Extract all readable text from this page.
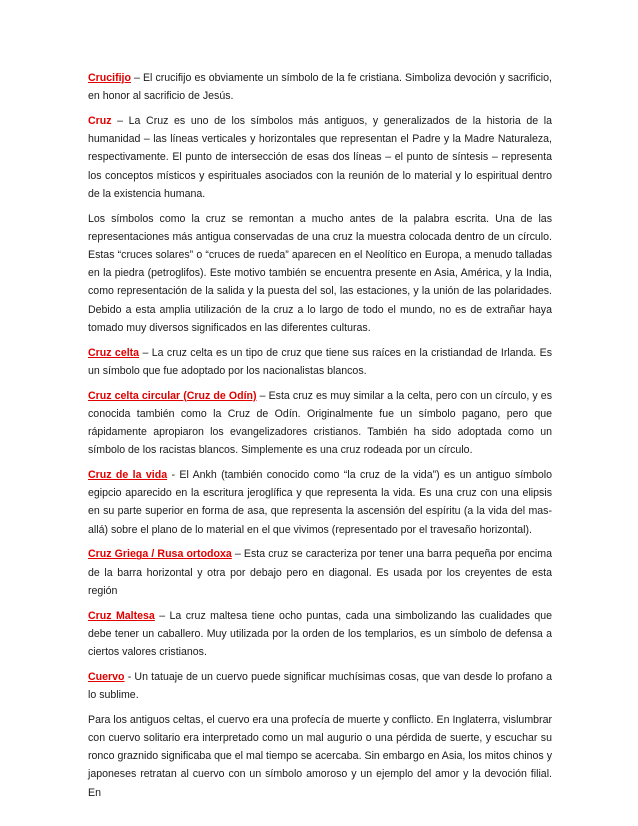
Crucifijo – El crucifijo es obviamente un símbolo de la fe cristiana. Simboliza devoción y sacrificio, en honor al sacrificio de Jesús.

Cruz – La Cruz es uno de los símbolos más antiguos, y generalizados de la historia de la humanidad – las líneas verticales y horizontales que representan el Padre y la Madre Naturaleza, respectivamente. El punto de intersección de esas dos líneas – el punto de síntesis – representa los conceptos místicos y espirituales asociados con la reunión de lo material y lo espiritual dentro de la existencia humana.

Los símbolos como la cruz se remontan a mucho antes de la palabra escrita. Una de las representaciones más antigua conservadas de una cruz la muestra colocada dentro de un círculo. Estas “cruces solares” o “cruces de rueda” aparecen en el Neolítico en Europa, a menudo talladas en la piedra (petroglifos). Este motivo también se encuentra presente en Asia, América, y la India, como representación de la salida y la puesta del sol, las estaciones, y la unión de las polaridades. Debido a esta amplia utilización de la cruz a lo largo de todo el mundo, no es de extrañar haya tomado muy diversos significados en las diferentes culturas.

Cruz celta – La cruz celta es un tipo de cruz que tiene sus raíces en la cristiandad de Irlanda. Es un símbolo que fue adoptado por los nacionalistas blancos.

Cruz celta circular (Cruz de Odín) – Esta cruz es muy similar a la celta, pero con un círculo, y es conocida también como la Cruz de Odín. Originalmente fue un símbolo pagano, pero que rápidamente apropiaron los evangelizadores cristianos. También ha sido adoptada como un símbolo de los racistas blancos. Simplemente es una cruz rodeada por un círculo.

Cruz de la vida - El Ankh (también conocido como “la cruz de la vida”) es un antiguo símbolo egipcio aparecido en la escritura jeroglífica y que representa la vida. Es una cruz con una elipsis en su parte superior en forma de asa, que representa la ascensión del espíritu (a la vida del mas-allá) sobre el plano de lo material en el que vivimos (representado por el travesaño horizontal).

Cruz Griega / Rusa ortodoxa – Esta cruz se caracteriza por tener una barra pequeña por encima de la barra horizontal y otra por debajo pero en diagonal. Es usada por los creyentes de esta región

Cruz Maltesa – La cruz maltesa tiene ocho puntas, cada una simbolizando las cualidades que debe tener un caballero. Muy utilizada por la orden de los templarios, es un símbolo de defensa a ciertos valores cristianos.

Cuervo - Un tatuaje de un cuervo puede significar muchísimas cosas, que van desde lo profano a lo sublime.

Para los antiguos celtas, el cuervo era una profecía de muerte y conflicto. En Inglaterra, vislumbrar con cuervo solitario era interpretado como un mal augurio o una pérdida de suerte, y escuchar su ronco graznido significaba que el mal tiempo se acercaba. Sin embargo en Asia, los mitos chinos y japoneses retratan al cuervo con un símbolo amoroso y un ejemplo del amor y la devoción filial. En
